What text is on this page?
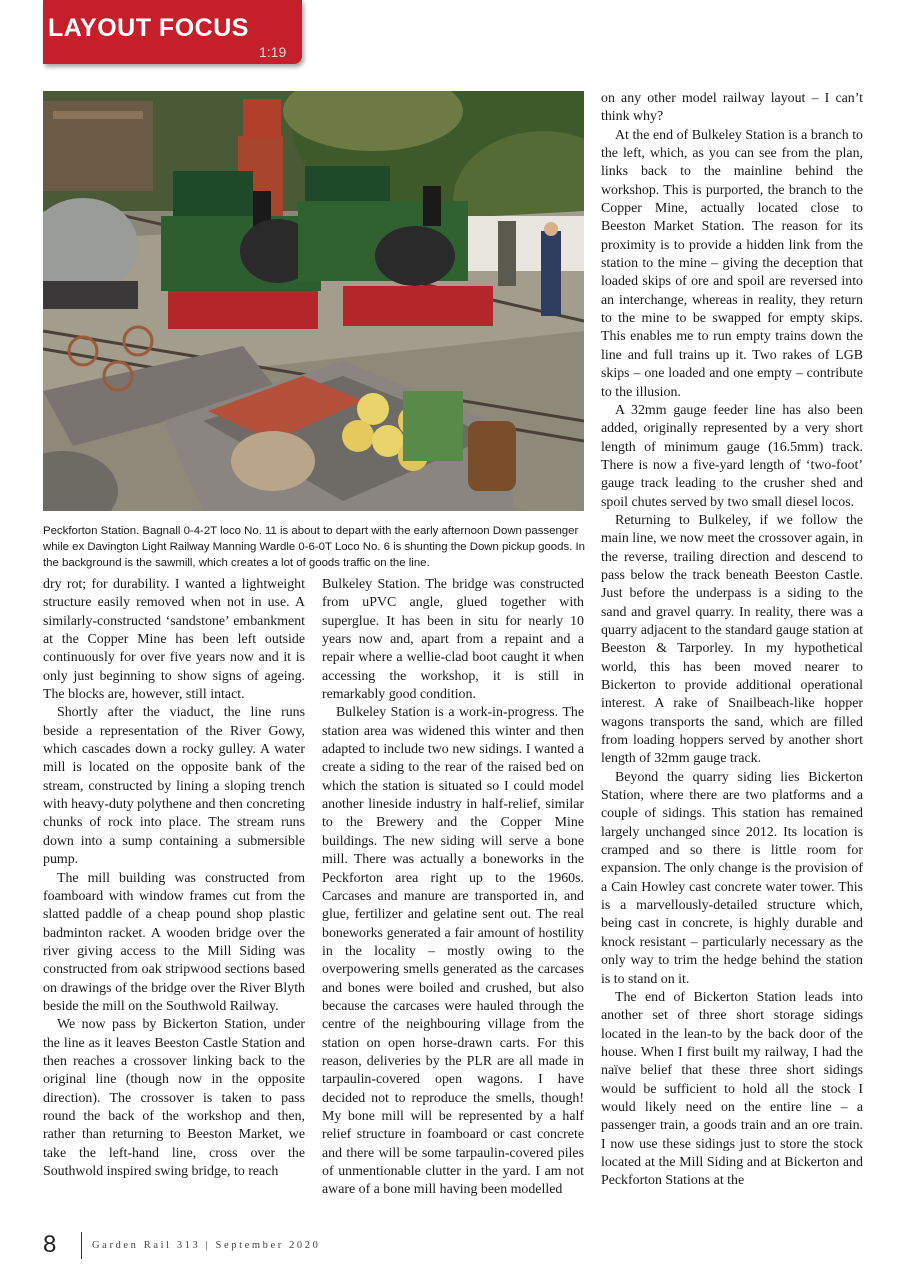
LAYOUT FOCUS
1:19
Peckforton Station. Bagnall 0-4-2T loco No. 11 is about to depart with the early afternoon Down passenger while ex Davington Light Railway Manning Wardle 0-6-0T Loco No. 6 is shunting the Down pickup goods. In the background is the sawmill, which creates a lot of goods traffic on the line.

dry rot; for durability. I wanted a lightweight structure easily removed when not in use. A similarly-constructed ‘sandstone’ embankment at the Copper Mine has been left outside continuously for over five years now and it is only just beginning to show signs of ageing. The blocks are, however, still intact.

Shortly after the viaduct, the line runs beside a representation of the River Gowy, which cascades down a rocky gulley. A water mill is located on the opposite bank of the stream, constructed by lining a sloping trench with heavy-duty polythene and then concreting chunks of rock into place. The stream runs down into a sump containing a submersible pump.

The mill building was constructed from foamboard with window frames cut from the slatted paddle of a cheap pound shop plastic badminton racket. A wooden bridge over the river giving access to the Mill Siding was constructed from oak stripwood sections based on drawings of the bridge over the River Blyth beside the mill on the Southwold Railway.

We now pass by Bickerton Station, under the line as it leaves Beeston Castle Station and then reaches a crossover linking back to the original line (though now in the opposite direction). The crossover is taken to pass round the back of the workshop and then, rather than returning to Beeston Market, we take the left-hand line, cross over the Southwold inspired swing bridge, to reach

Bulkeley Station. The bridge was constructed from uPVC angle, glued together with superglue. It has been in situ for nearly 10 years now and, apart from a repaint and a repair where a wellie-clad boot caught it when accessing the workshop, it is still in remarkably good condition.

Bulkeley Station is a work-in-progress. The station area was widened this winter and then adapted to include two new sidings. I wanted a create a siding to the rear of the raised bed on which the station is situated so I could model another lineside industry in half-relief, similar to the Brewery and the Copper Mine buildings. The new siding will serve a bone mill. There was actually a boneworks in the Peckforton area right up to the 1960s. Carcases and manure are transported in, and glue, fertilizer and gelatine sent out. The real boneworks generated a fair amount of hostility in the locality – mostly owing to the overpowering smells generated as the carcases and bones were boiled and crushed, but also because the carcases were hauled through the centre of the neighbouring village from the station on open horse-drawn carts. For this reason, deliveries by the PLR are all made in tarpaulin-covered open wagons. I have decided not to reproduce the smells, though! My bone mill will be represented by a half relief structure in foamboard or cast concrete and there will be some tarpaulin-covered piles of unmentionable clutter in the yard. I am not aware of a bone mill having been modelled

on any other model railway layout – I can’t think why?

At the end of Bulkeley Station is a branch to the left, which, as you can see from the plan, links back to the mainline behind the workshop. This is purported, the branch to the Copper Mine, actually located close to Beeston Market Station. The reason for its proximity is to provide a hidden link from the station to the mine – giving the deception that loaded skips of ore and spoil are reversed into an interchange, whereas in reality, they return to the mine to be swapped for empty skips. This enables me to run empty trains down the line and full trains up it. Two rakes of LGB skips – one loaded and one empty – contribute to the illusion.

A 32mm gauge feeder line has also been added, originally represented by a very short length of minimum gauge (16.5mm) track. There is now a five-yard length of ‘two-foot’ gauge track leading to the crusher shed and spoil chutes served by two small diesel locos.

Returning to Bulkeley, if we follow the main line, we now meet the crossover again, in the reverse, trailing direction and descend to pass below the track beneath Beeston Castle. Just before the underpass is a siding to the sand and gravel quarry. In reality, there was a quarry adjacent to the standard gauge station at Beeston & Tarporley. In my hypothetical world, this has been moved nearer to Bickerton to provide additional operational interest. A rake of Snailbeach-like hopper wagons transports the sand, which are filled from loading hoppers served by another short length of 32mm gauge track.

Beyond the quarry siding lies Bickerton Station, where there are two platforms and a couple of sidings. This station has remained largely unchanged since 2012. Its location is cramped and so there is little room for expansion. The only change is the provision of a Cain Howley cast concrete water tower. This is a marvellously-detailed structure which, being cast in concrete, is highly durable and knock resistant – particularly necessary as the only way to trim the hedge behind the station is to stand on it.

The end of Bickerton Station leads into another set of three short storage sidings located in the lean-to by the back door of the house. When I first built my railway, I had the naïve belief that these three short sidings would be sufficient to hold all the stock I would likely need on the entire line – a passenger train, a goods train and an ore train. I now use these sidings just to store the stock located at the Mill Siding and at Bickerton and Peckforton Stations at the

8	Garden Rail 313 | September 2020
